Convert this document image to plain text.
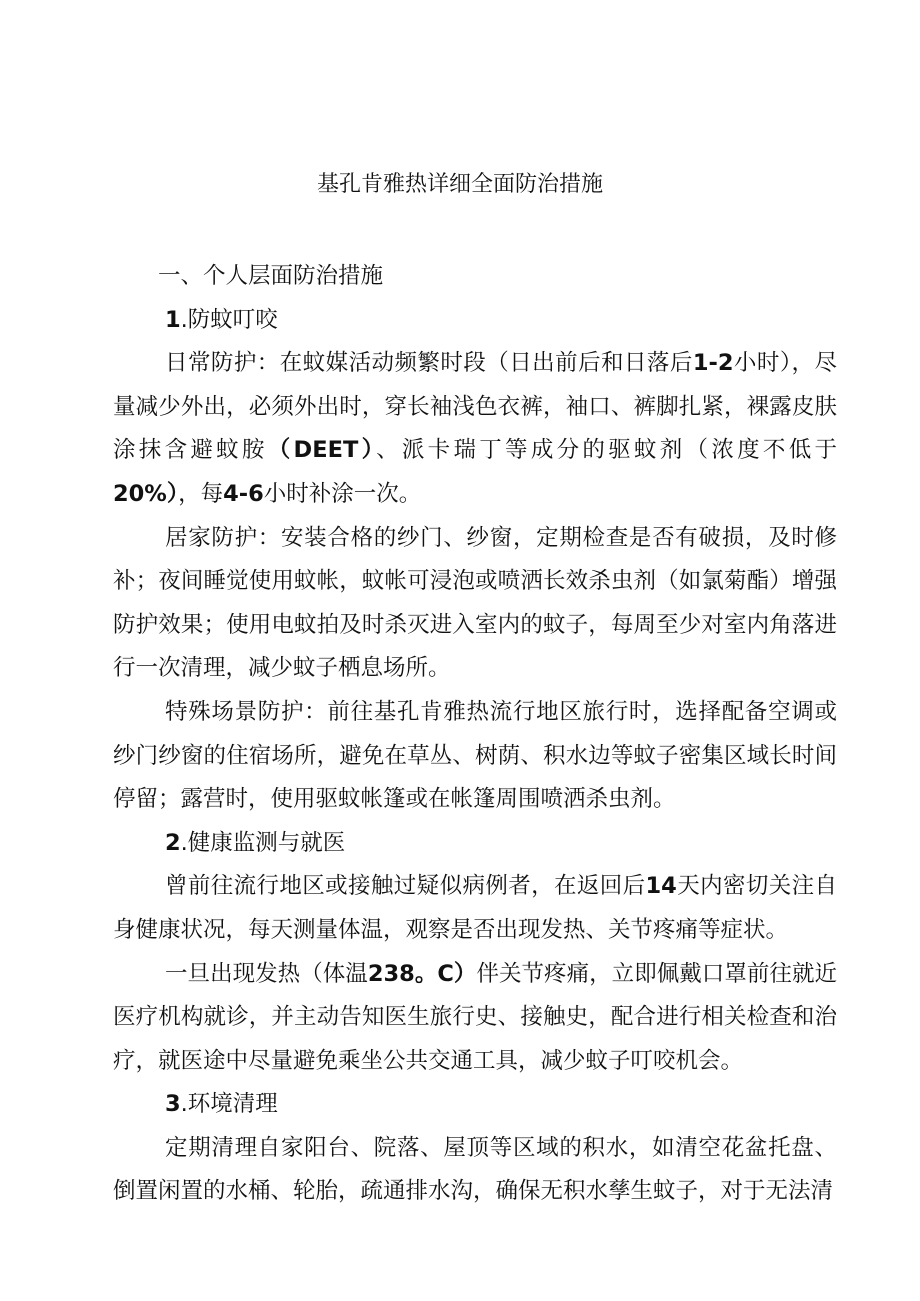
基孔肯雅热详细全面防治措施

一、个人层面防治措施

1.防蚊叮咬

日常防护：在蚊媒活动频繁时段（日出前后和日落后1-2小时），尽量减少外出，必须外出时，穿长袖浅色衣裤，袖口、裤脚扎紧，裸露皮肤涂抹含避蚊胺（DEET）、派卡瑞丁等成分的驱蚊剂（浓度不低于20%），每4-6小时补涂一次。

居家防护：安装合格的纱门、纱窗，定期检查是否有破损，及时修补；夜间睡觉使用蚊帐，蚊帐可浸泡或喷洒长效杀虫剂（如氯菊酯）增强防护效果；使用电蚊拍及时杀灭进入室内的蚊子，每周至少对室内角落进行一次清理，减少蚊子栖息场所。

特殊场景防护：前往基孔肯雅热流行地区旅行时，选择配备空调或纱门纱窗的住宿场所，避免在草丛、树荫、积水边等蚊子密集区域长时间停留；露营时，使用驱蚊帐篷或在帐篷周围喷洒杀虫剂。

2.健康监测与就医

曾前往流行地区或接触过疑似病例者，在返回后14天内密切关注自身健康状况，每天测量体温，观察是否出现发热、关节疼痛等症状。

一旦出现发热（体温238。C）伴关节疼痛，立即佩戴口罩前往就近医疗机构就诊，并主动告知医生旅行史、接触史，配合进行相关检查和治疗，就医途中尽量避免乘坐公共交通工具，减少蚊子叮咬机会。

3.环境清理

定期清理自家阳台、院落、屋顶等区域的积水，如清空花盆托盘、倒置闲置的水桶、轮胎，疏通排水沟，确保无积水孳生蚊子，对于无法清
